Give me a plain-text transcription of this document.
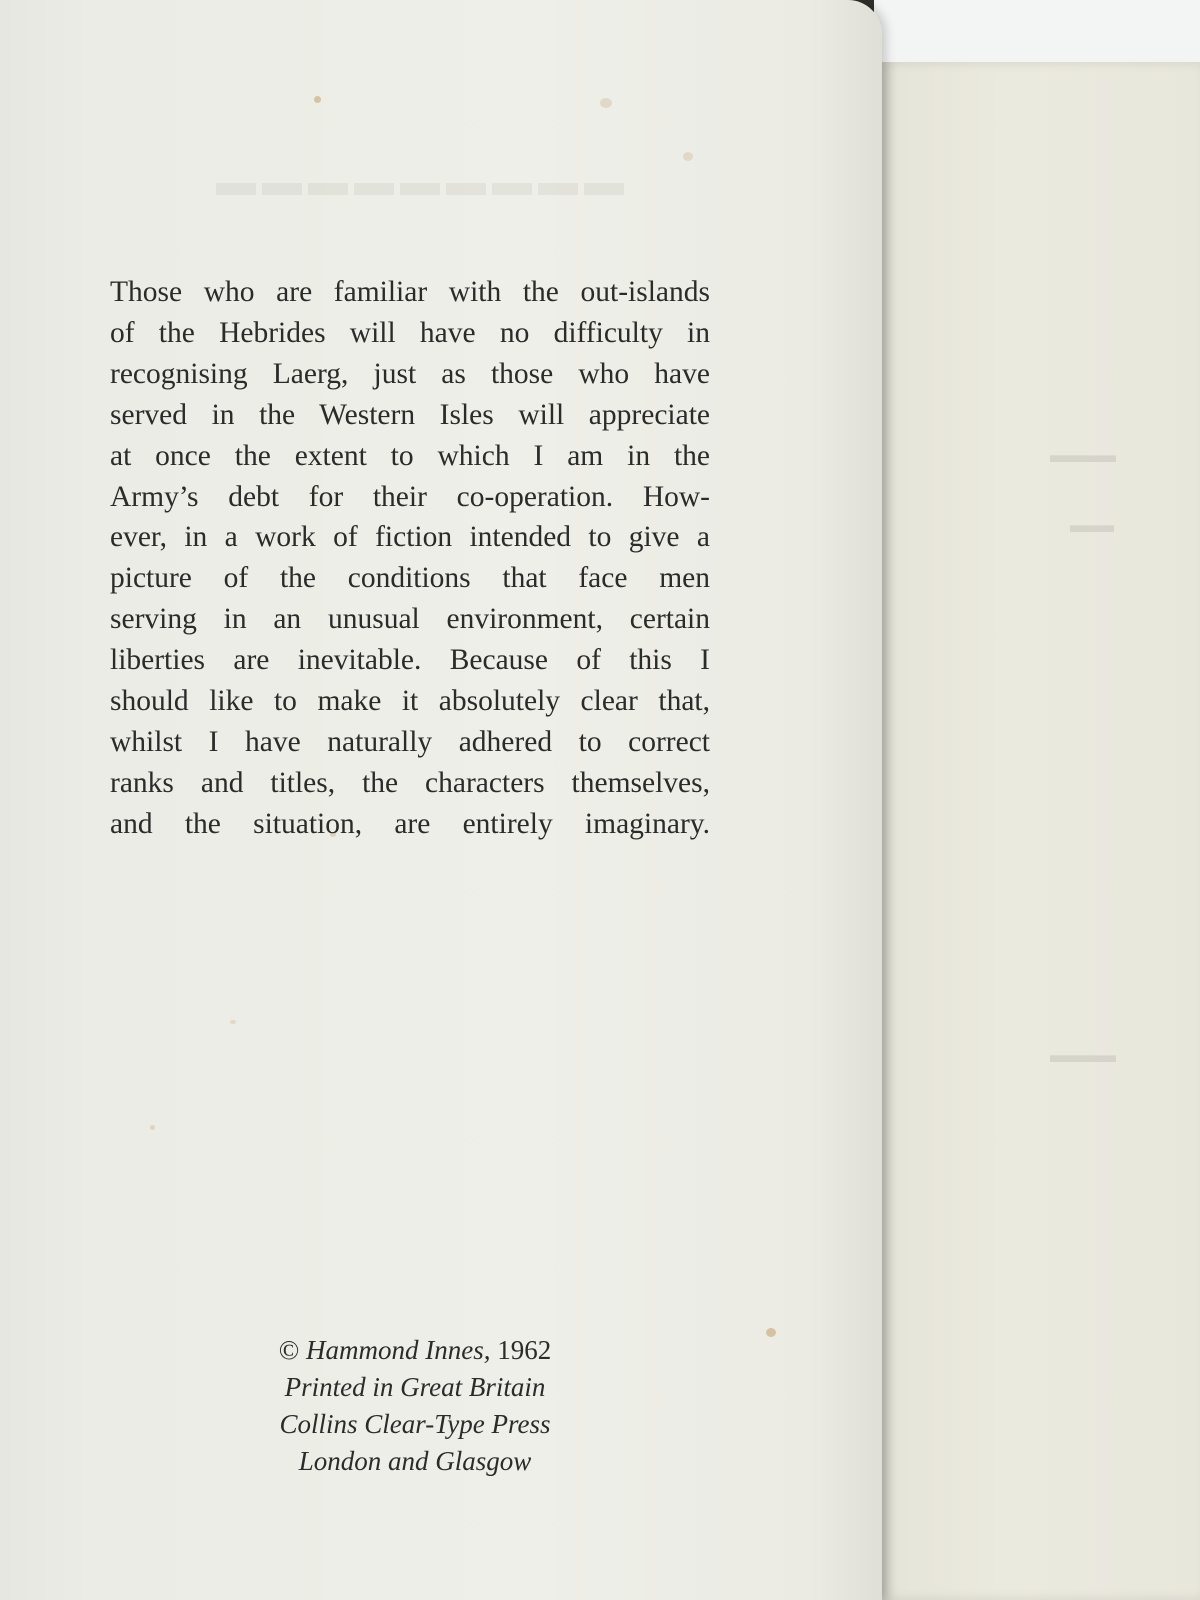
▬▬▬
▬▬
▬▬▬
▬▬▬▬▬▬▬▬▬
Those who are familiar with the out-islands
of the Hebrides will have no difficulty in
recognising Laerg, just as those who have
served in the Western Isles will appreciate
at once the extent to which I am in the
Army’s debt for their co-operation. How-
ever, in a work of fiction intended to give a
picture of the conditions that face men
serving in an unusual environment, certain
liberties are inevitable. Because of this I
should like to make it absolutely clear that,
whilst I have naturally adhered to correct
ranks and titles, the characters themselves,
and the situation, are entirely imaginary.
© Hammond Innes, 1962
Printed in Great Britain
Collins Clear-Type Press
London and Glasgow
